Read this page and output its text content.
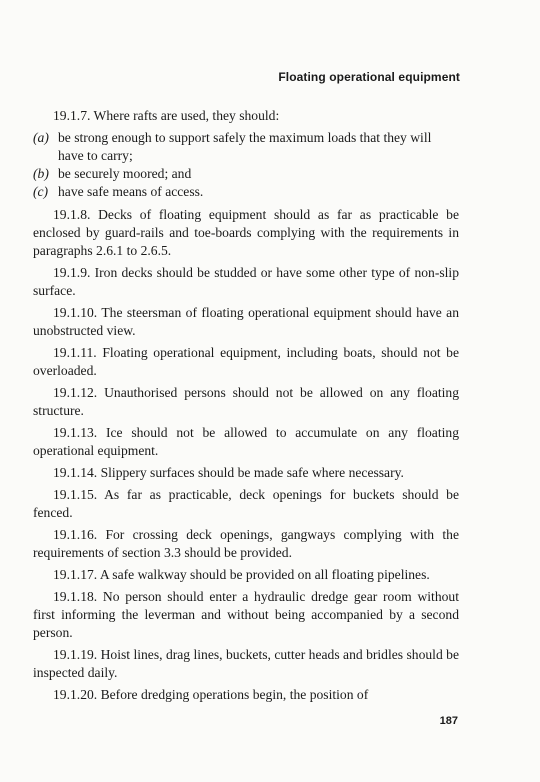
Floating operational equipment

19.1.7. Where rafts are used, they should:

(a) be strong enough to support safely the maximum loads that they will have to carry;

(b) be securely moored; and

(c) have safe means of access.

19.1.8. Decks of floating equipment should as far as practicable be enclosed by guard-rails and toe-boards complying with the requirements in paragraphs 2.6.1 to 2.6.5.

19.1.9. Iron decks should be studded or have some other type of non-slip surface.

19.1.10. The steersman of floating operational equipment should have an unobstructed view.

19.1.11. Floating operational equipment, including boats, should not be overloaded.

19.1.12. Unauthorised persons should not be allowed on any floating structure.

19.1.13. Ice should not be allowed to accumulate on any floating operational equipment.

19.1.14. Slippery surfaces should be made safe where necessary.

19.1.15. As far as practicable, deck openings for buckets should be fenced.

19.1.16. For crossing deck openings, gangways complying with the requirements of section 3.3 should be provided.

19.1.17. A safe walkway should be provided on all floating pipelines.

19.1.18. No person should enter a hydraulic dredge gear room without first informing the leverman and without being accompanied by a second person.

19.1.19. Hoist lines, drag lines, buckets, cutter heads and bridles should be inspected daily.

19.1.20. Before dredging operations begin, the position of

187
